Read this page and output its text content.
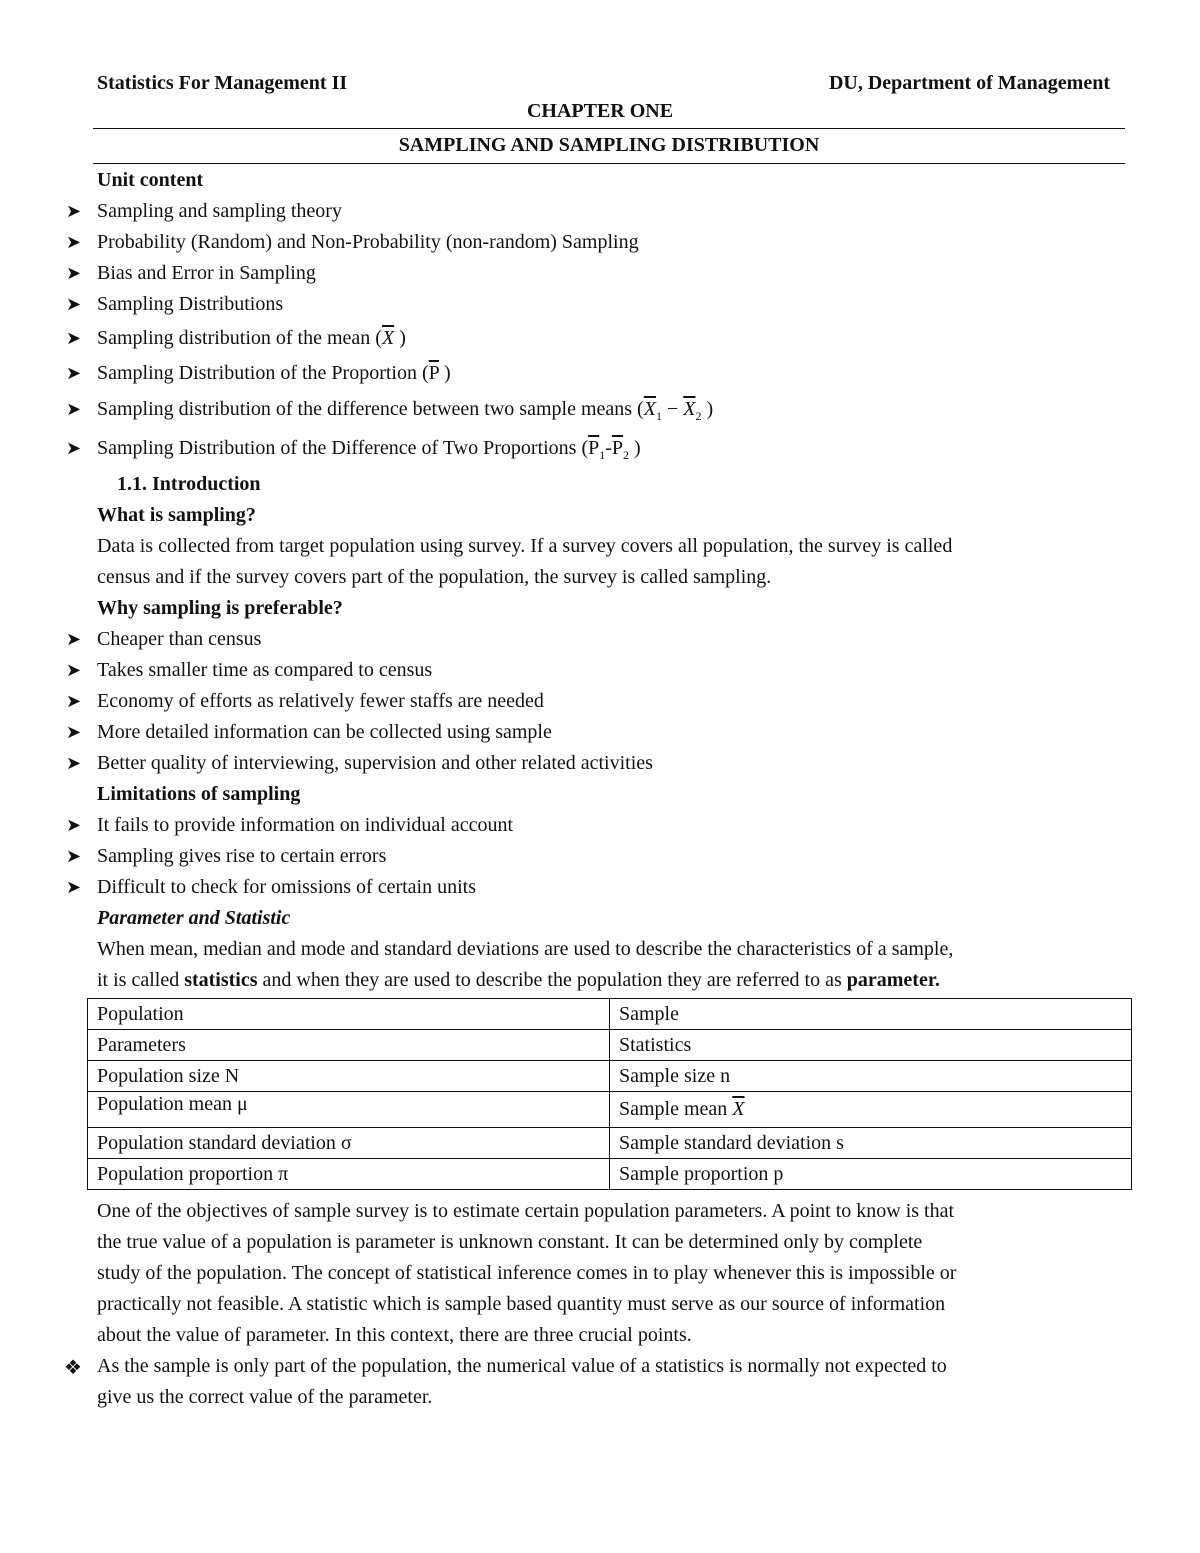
Statistics For Management II	DU, Department of Management
CHAPTER ONE
SAMPLING AND SAMPLING DISTRIBUTION
Unit content
➤ Sampling and sampling theory
➤ Probability (Random) and Non-Probability (non-random) Sampling
➤ Bias and Error in Sampling
➤ Sampling Distributions
➤ Sampling distribution of the mean ($\overline{X}$ )
➤ Sampling Distribution of the Proportion ($\overline{P}$ )
➤ Sampling distribution of the difference between two sample means ($\overline{X}_1 - \overline{X}_2$ )
➤ Sampling Distribution of the Difference of Two Proportions ($\overline{P}_1-\overline{P}_2$ )
1.1. Introduction
What is sampling?
Data is collected from target population using survey. If a survey covers all population, the survey is called
census and if the survey covers part of the population, the survey is called sampling.
Why sampling is preferable?
➤ Cheaper than census
➤ Takes smaller time as compared to census
➤ Economy of efforts as relatively fewer staffs are needed
➤ More detailed information can be collected using sample
➤ Better quality of interviewing, supervision and other related activities
Limitations of sampling
➤ It fails to provide information on individual account
➤ Sampling gives rise to certain errors
➤ Difficult to check for omissions of certain units
Parameter and Statistic
When mean, median and mode and standard deviations are used to describe the characteristics of a sample,
it is called statistics and when they are used to describe the population they are referred to as parameter.
Population	Sample
Parameters	Statistics
Population size N	Sample size n
Population mean μ	Sample mean $\overline{X}$
Population standard deviation σ	Sample standard deviation s
Population proportion π	Sample proportion p
One of the objectives of sample survey is to estimate certain population parameters. A point to know is that
the true value of a population is parameter is unknown constant. It can be determined only by complete
study of the population. The concept of statistical inference comes in to play whenever this is impossible or
practically not feasible. A statistic which is sample based quantity must serve as our source of information
about the value of parameter. In this context, there are three crucial points.
❖ As the sample is only part of the population, the numerical value of a statistics is normally not expected to
give us the correct value of the parameter.
